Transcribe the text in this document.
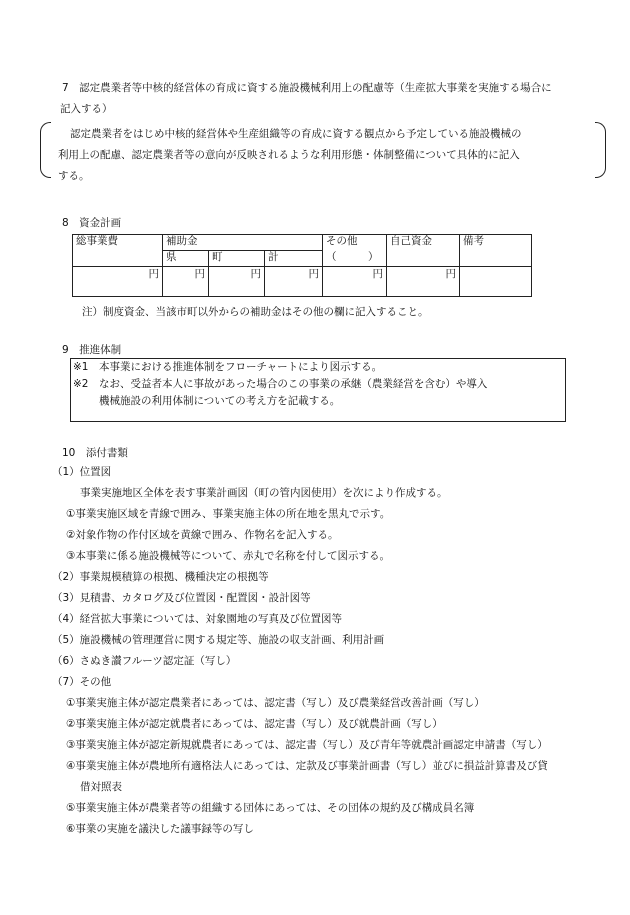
7　認定農業者等中核的経営体の育成に資する施設機械利用上の配慮等（生産拡大事業を実施する場合に
記入する）
認定農業者をはじめ中核的経営体や生産組織等の育成に資する観点から予定している施設機械の
利用上の配慮、認定農業者等の意向が反映されるような利用形態・体制整備について具体的に記入
する。
8　資金計画
総事業費	補助金			その他	自己資金	備考
	県	町	計	（　　　）		
円	円	円	円	円	円	
注）制度資金、当該市町以外からの補助金はその他の欄に記入すること。
9　推進体制
※1　本事業における推進体制をフローチャートにより図示する。
※2　なお、受益者本人に事故があった場合のこの事業の承継（農業経営を含む）や導入
機械施設の利用体制についての考え方を記載する。
10　添付書類
（1）位置図
事業実施地区全体を表す事業計画図（町の管内図使用）を次により作成する。
①事業実施区域を青線で囲み、事業実施主体の所在地を黒丸で示す。
②対象作物の作付区域を黄線で囲み、作物名を記入する。
③本事業に係る施設機械等について、赤丸で名称を付して図示する。
（2）事業規模積算の根拠、機種決定の根拠等
（3）見積書、カタログ及び位置図・配置図・設計図等
（4）経営拡大事業については、対象園地の写真及び位置図等
（5）施設機械の管理運営に関する規定等、施設の収支計画、利用計画
（6）さぬき讃フルーツ認定証（写し）
（7）その他
①事業実施主体が認定農業者にあっては、認定書（写し）及び農業経営改善計画（写し）
②事業実施主体が認定就農者にあっては、認定書（写し）及び就農計画（写し）
③事業実施主体が認定新規就農者にあっては、認定書（写し）及び青年等就農計画認定申請書（写し）
④事業実施主体が農地所有適格法人にあっては、定款及び事業計画書（写し）並びに損益計算書及び貸
借対照表
⑤事業実施主体が農業者等の組織する団体にあっては、その団体の規約及び構成員名簿
⑥事業の実施を議決した議事録等の写し
